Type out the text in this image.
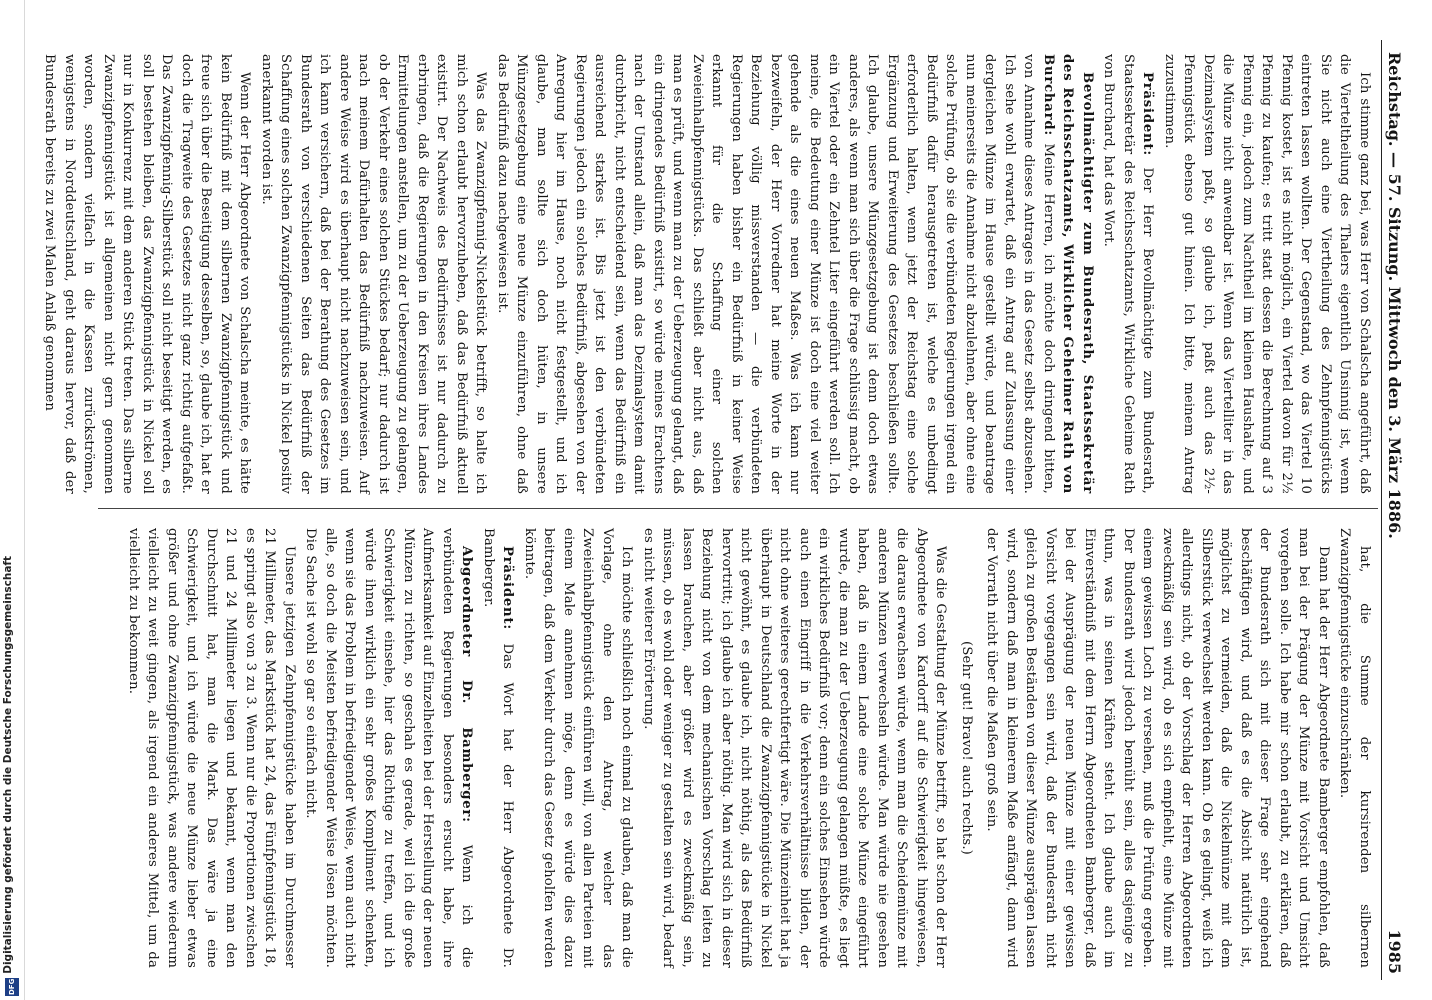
Digitalisierung gefördert durch die Deutsche Forschungsgemeinschaft
DFG
Reichstag. — 57. Sitzung. Mittwoch den 3. März 1886.
1985

Ich stimme ganz bei, was Herr von Schalscha angeführt, daß die Vierteltheilung des Thalers eigentlich Unsinnig ist, wenn Sie nicht auch eine Viertheilung des Zehnpfennigstücks eintreten lassen wollten. Der Gegenstand, wo das Viertel 10 Pfennig kostet, ist es nicht möglich, ein Viertel davon für 2½ Pfennig zu kaufen; es tritt statt dessen die Berechnung auf 3 Pfennig ein, jedoch zum Nachtheil im kleinen Haushalte, und die Münze nicht anwendbar ist. Wenn das Viertelliter in das Dezimalsystem paßt, so glaube ich, paßt auch das 2½-Pfennigstück ebenso gut hinein. Ich bitte, meinem Antrag zuzustimmen.

Präsident: Der Herr Bevollmächtigte zum Bundesrath, Staatssekretär des Reichsschatzamts, Wirkliche Geheime Rath von Burchard, hat das Wort.

Bevollmächtigter zum Bundesrath, Staatssekretär des Reichsschatzamts, Wirklicher Geheimer Rath von Burchard: Meine Herren, ich möchte doch dringend bitten, von Annahme dieses Antrages in das Gesetz selbst abzusehen. Ich sehe wohl erwartet, daß ein Antrag auf Zulassung einer dergleichen Münze im Hause gestellt würde, und beantrage nun meinerseits die Annahme nicht abzulehnen, aber ohne eine solche Prüfung, ob sie die verbündeten Regierungen irgend ein Bedürfniß dafür herausgetreten ist, welche es unbedingt erforderlich halten, wenn jetzt der Reichstag eine solche Ergänzung und Erweiterung des Gesetzes beschließen sollte. Ich glaube, unsere Münzgesetzgebung ist denn doch etwas anderes, als wenn man sich über die Frage schlüssig macht, ob ein Viertel oder ein Zehntel Liter eingeführt werden soll. Ich meine, die Bedeutung einer Münze ist doch eine viel weiter gehende als die eines neuen Maßes. Was ich kann nur bezweifeln, der Herr Vorredner hat meine Worte in der Beziehung völlig missverstanden — die verbündeten Regierungen haben bisher ein Bedürfniß in keiner Weise erkannt für die Schaffung einer solchen Zweieinhalbpfennigstücks. Das schließt aber nicht aus, daß man es prüft, und wenn man zu der Ueberzeugung gelangt, daß ein dringendes Bedürfniß existirt, so würde meines Erachtens nach der Umstand allein, daß man das Dezimalsystem damit durchbricht, nicht entscheidend sein, wenn das Bedürfniß ein ausreichend starkes ist. Bis jetzt ist den verbündeten Regierungen jedoch ein solches Bedürfniß, abgesehen von der Anregung hier im Hause, noch nicht festgestellt, und ich glaube, man sollte sich doch hüten, in unsere Münzgesetzgebung eine neue Münze einzuführen, ohne daß das Bedürfniß dazu nachgewiesen ist.

Was das Zwanzigpfennig-Nickelstück betrifft, so halte ich mich schon erlaubt hervorzuheben, daß das Bedürfniß aktuell existirt. Der Nachweis des Bedürfnisses ist nur dadurch zu erbringen, daß die Regierungen in den Kreisen ihres Landes Ermittelungen anstellen, um zu der Ueberzeugung zu gelangen, ob der Verkehr eines solchen Stückes bedarf; nur dadurch ist nach meinem Dafürhalten das Bedürfniß nachzuweisen. Auf andere Weise wird es überhaupt nicht nachzuweisen sein, und ich kann versichern, daß bei der Berathung des Gesetzes im Bundesrath von verschiedenen Seiten das Bedürfniß der Schaffung eines solchen Zwanzigpfennigstücks in Nickel positiv anerkannt worden ist.

Wenn der Herr Abgeordnete von Schalscha meinte, es hätte kein Bedürfniß mit dem silbernen Zwanzigpfennigstück und freue sich über die Beseitigung desselben, so, glaube ich, hat er doch die Tragweite des Gesetzes nicht ganz richtig aufgefaßt. Das Zwanzigpfennig-Silberstück soll nicht beseitigt werden, es soll bestehen bleiben, das Zwanzigpfennigstück in Nickel soll nur in Konkurrenz mit dem anderen Stück treten. Das silberne Zwanzigpfennigstück ist allgemeinen nicht gern genommen worden, sondern vielfach in die Kassen zurückströmen, wenigstens in Norddeutschland, geht daraus hervor, daß der Bundesrath bereits zu zwei Malen Anlaß genommen

hat, die Summe der kursirenden silbernen Zwanzigpfennigstücke einzuschränken.

Dann hat der Herr Abgeordnete Bamberger empfohlen, daß man bei der Prägung der Münze mit Vorsicht und Umsicht vorgehen solle. Ich habe mir schon erlaubt, zu erklären, daß der Bundesrath sich mit dieser Frage sehr eingehend beschäftigen wird, und daß es die Absicht natürlich ist, möglichst zu vermeiden, daß die Nickelmünze mit dem Silberstück verwechselt werden kann. Ob es gelingt, weiß ich allerdings nicht, ob der Vorschlag der Herren Abgeordneten zweckmäßig sein wird, ob es sich empfiehlt, eine Münze mit einem gewissen Loch zu versehen, muß die Prüfung ergeben. Der Bundesrath wird jedoch bemüht sein, alles dasjenige zu thun, was in seinen Kräften steht. Ich glaube auch im Einverständniß mit dem Herrn Abgeordneten Bamberger, daß bei der Ausprägung der neuen Münze mit einer gewissen Vorsicht vorgegangen sein wird, daß der Bundesrath nicht gleich zu großen Beständen von dieser Münze ausprägen lassen wird, sondern daß man in kleinerem Maße anfängt, dann wird der Vorrath nicht über die Maßen groß sein.

(Sehr gut! Bravo! auch rechts.)

Was die Gestaltung der Münze betrifft, so hat schon der Herr Abgeordnete von Kardorff auf die Schwierigkeit hingewiesen, die daraus erwachsen würde, wenn man die Scheidemünze mit anderen Münzen verwechseln würde. Man würde nie gesehen haben, daß in einem Lande eine solche Münze eingeführt wurde, die man zu der Ueberzeugung gelangen müßte, es liegt ein wirkliches Bedürfniß vor; denn ein solches Einsehen würde auch einen Eingriff in die Verkehrsverhältnisse bilden, der nicht ohne weiteres gerechtfertigt wäre. Die Münzeinheit hat ja überhaupt in Deutschland die Zwanzigpfennigstücke in Nickel nicht gewöhnt, es glaube ich, nicht nöthig, als das Bedürfniß hervortritt; ich glaube ich aber nöthig. Man wird sich in dieser Beziehung nicht von dem mechanischen Vorschlag leiten zu lassen brauchen, aber größer wird es zweckmäßig sein, müssen, ob es wohl oder weniger zu gestalten sein wird, bedarf es nicht weiterer Erörterung.

Ich möchte schließlich noch einmal zu glauben, daß man die Vorlage, ohne den Antrag, welcher das Zweieinhalbpfennigstück einführen will, von allen Parteien mit einem Male annehmen möge, denn es würde dies dazu beitragen, daß dem Verkehr durch das Gesetz geholfen werden könnte.

Präsident: Das Wort hat der Herr Abgeordnete Dr. Bamberger.

Abgeordneter Dr. Bamberger: Wenn ich die verbündeten Regierungen besonders ersucht habe, ihre Aufmerksamkeit auf Einzelheiten bei der Herstellung der neuen Münzen zu richten, so geschah es gerade, weil ich die große Schwierigkeit einsehe, hier das Richtige zu treffen, und ich würde ihnen wirklich ein sehr großes Kompliment schenken, wenn sie das Problem in befriedigender Weise, wenn auch nicht alle, so doch die Meisten befriedigender Weise lösen möchten. Die Sache ist wohl so gar so einfach nicht.

Unsere jetzigen Zehnpfennigstücke haben im Durchmesser 21 Millimeter, das Markstück hat 24, das Fünfpfennigstück 18, es springt also von 3 zu 3. Wenn nur die Proportionen zwischen 21 und 24 Millimeter liegen und bekannt, wenn man den Durchschnitt hat, man die Mark. Das wäre ja eine Schwierigkeit, und ich würde die neue Münze lieber etwas größer und ohne Zwanzigpfennigstück, was andere wiederum vielleicht zu weit gingen, als irgend ein anderes Mittel, um da vielleicht zu bekommen.
